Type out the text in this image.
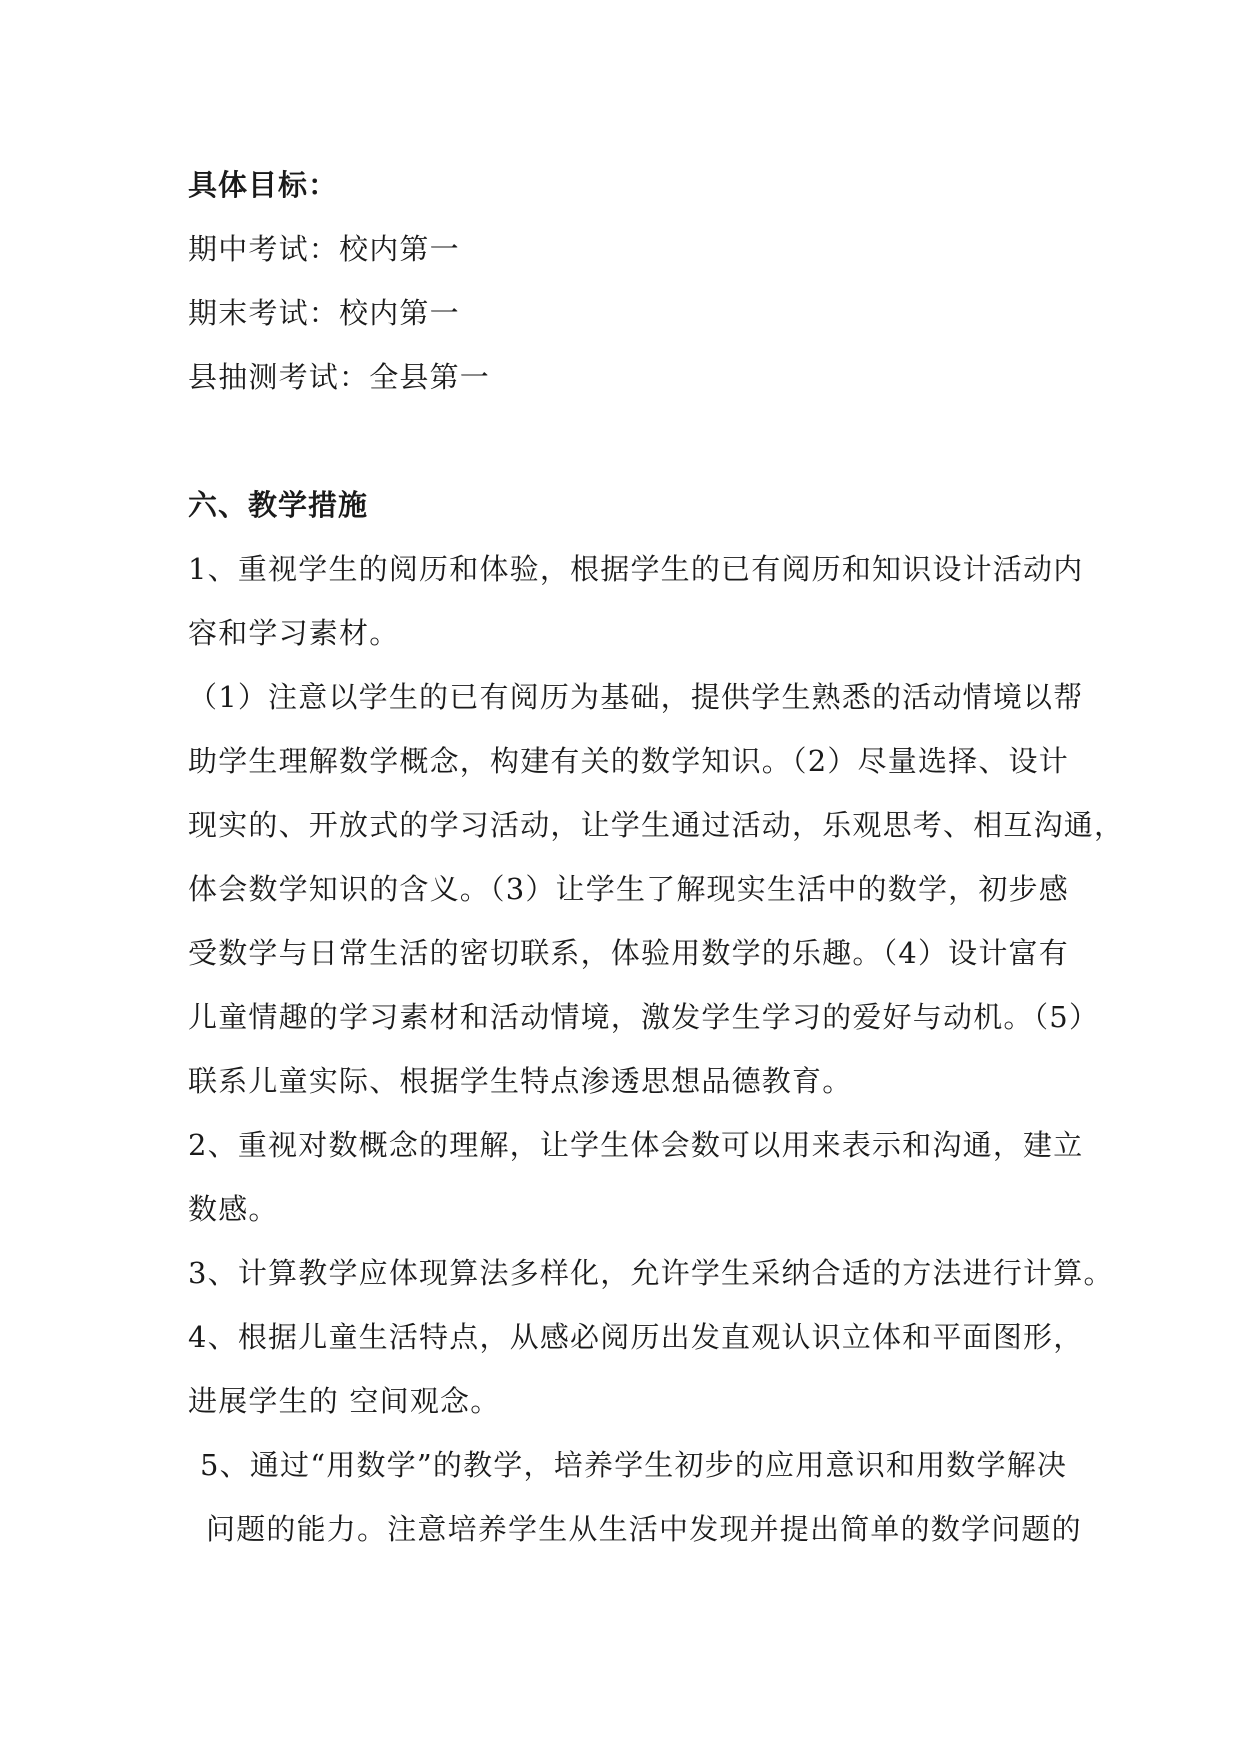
具体目标：
期中考试：校内第一
期末考试：校内第一
县抽测考试：全县第一
六、教学措施
1、重视学生的阅历和体验，根据学生的已有阅历和知识设计活动内
容和学习素材。
（1）注意以学生的已有阅历为基础，提供学生熟悉的活动情境以帮
助学生理解数学概念，构建有关的数学知识。（2）尽量选择、设计
现实的、开放式的学习活动，让学生通过活动，乐观思考、相互沟通，
体会数学知识的含义。（3）让学生了解现实生活中的数学，初步感
受数学与日常生活的密切联系，体验用数学的乐趣。（4）设计富有
儿童情趣的学习素材和活动情境，激发学生学习的爱好与动机。（5）
联系儿童实际、根据学生特点渗透思想品德教育。
2、重视对数概念的理解，让学生体会数可以用来表示和沟通，建立
数感。
3、计算教学应体现算法多样化，允许学生采纳合适的方法进行计算。
4、根据儿童生活特点，从感必阅历出发直观认识立体和平面图形，
进展学生的 空间观念。
5、通过“用数学”的教学，培养学生初步的应用意识和用数学解决
问题的能力。注意培养学生从生活中发现并提出简单的数学问题的
